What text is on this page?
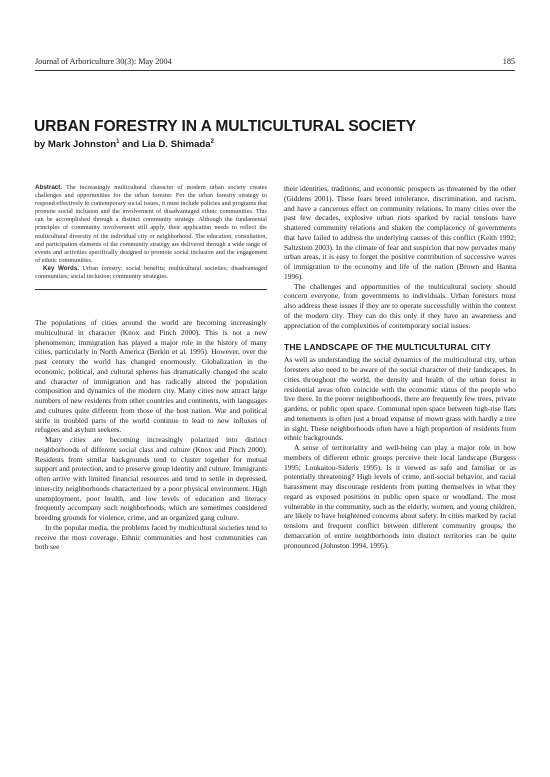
Journal of Arboriculture 30(3): May 2004	185
URBAN FORESTRY IN A MULTICULTURAL SOCIETY
by Mark Johnston$^1$ and Lia D. Shimada$^2$

Abstract. The increasingly multicultural character of modern urban society creates challenges and opportunities for the urban forester. For the urban forestry strategy to respond effectively to contemporary social issues, it must include policies and programs that promote social inclusion and the involvement of disadvantaged ethnic communities. This can be accomplished through a distinct community strategy. Although the fundamental principles of community involvement still apply, their application needs to reflect the multicultural diversity of the individual city or neighborhood. The education, consultation, and participation elements of the community strategy are delivered through a wide range of events and activities specifically designed to promote social inclusion and the engagement of ethnic communities.

Key Words. Urban forestry; social benefits; multicultural societies; disadvantaged communities; social inclusion; community strategies.

The populations of cities around the world are becoming increasingly multicultural in character (Knox and Pinch 2000). This is not a new phenomenon; immigration has played a major role in the history of many cities, particularly in North America (Berkin et al. 1995). However, over the past century the world has changed enormously. Globalization in the economic, political, and cultural spheres has dramatically changed the scale and character of immigration and has radically altered the population composition and dynamics of the modern city. Many cities now attract large numbers of new residents from other countries and continents, with languages and cultures quite different from those of the host nation. War and political strife in troubled parts of the world continue to lead to new influxes of refugees and asylum seekers.

Many cities are becoming increasingly polarized into distinct neighborhoods of different social class and culture (Knox and Pinch 2000). Residents from similar backgrounds tend to cluster together for mutual support and protection, and to preserve group identity and culture. Immigrants often arrive with limited financial resources and tend to settle in depressed, inner-city neighborhoods characterized by a poor physical environment. High unemployment, poor health, and low levels of education and literacy frequently accompany such neighborhoods, which are sometimes considered breeding grounds for violence, crime, and an organized gang culture.

In the popular media, the problems faced by multicultural societies tend to receive the most coverage. Ethnic communities and host communities can both see

their identities, traditions, and economic prospects as threatened by the other (Giddens 2001). These fears breed intolerance, discrimination, and racism, and have a cancerous effect on community relations. In many cities over the past few decades, explosive urban riots sparked by racial tensions have shattered community relations and shaken the complacency of governments that have failed to address the underlying causes of this conflict (Keith 1992; Saltzstein 2003). In the climate of fear and suspicion that now pervades many urban areas, it is easy to forget the positive contribution of successive waves of immigration to the economy and life of the nation (Brown and Hanna 1996).

The challenges and opportunities of the multicultural society should concern everyone, from governments to individuals. Urban foresters must also address these issues if they are to operate successfully within the context of the modern city. They can do this only if they have an awareness and appreciation of the complexities of contemporary social issues.

THE LANDSCAPE OF THE MULTICULTURAL CITY

As well as understanding the social dynamics of the multicultural city, urban foresters also need to be aware of the social character of their landscapes. In cities throughout the world, the density and health of the urban forest in residential areas often coincide with the economic status of the people who live there. In the poorer neighborhoods, there are frequently few trees, private gardens, or public open space. Communal open space between high-rise flats and tenements is often just a broad expanse of mown grass with hardly a tree in sight. These neighborhoods often have a high proportion of residents from ethnic backgrounds.

A sense of territoriality and well-being can play a major role in how members of different ethnic groups perceive their local landscape (Burgess 1995; Loukaitou-Sideris 1995). Is it viewed as safe and familiar or as potentially threatening? High levels of crime, anti-social behavior, and racial harassment may discourage residents from putting themselves in what they regard as exposed positions in public open space or woodland. The most vulnerable in the community, such as the elderly, women, and young children, are likely to have heightened concerns about safety. In cities marked by racial tensions and frequent conflict between different community groups, the demarcation of entire neighborhoods into distinct territories can be quite pronounced (Johnston 1994, 1995).
